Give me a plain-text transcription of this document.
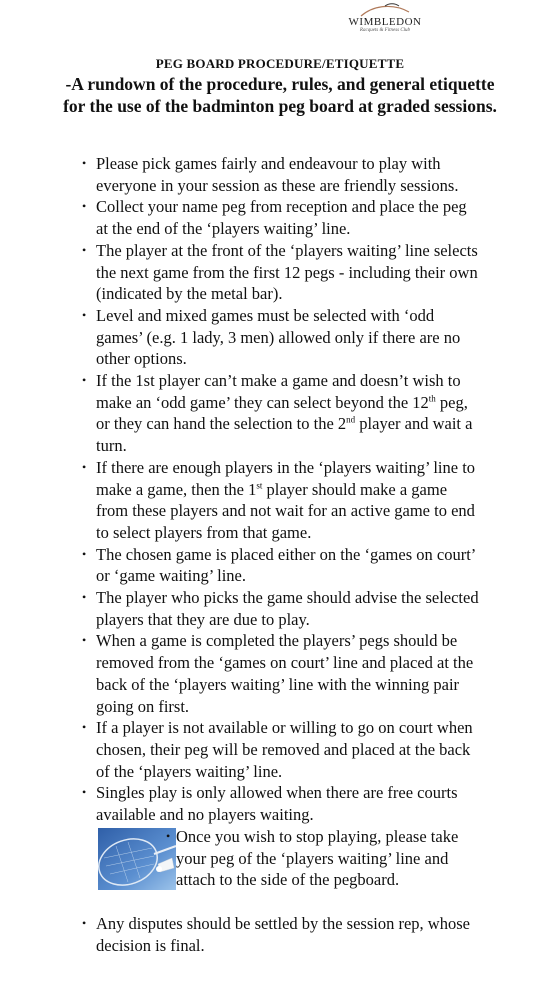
WIMBLEDON
Racquets & Fitness Club
PEG BOARD PROCEDURE/ETIQUETTE
-A rundown of the procedure, rules, and general etiquette for the use of the badminton peg board at graded sessions.

• Please pick games fairly and endeavour to play with everyone in your session as these are friendly sessions.

• Collect your name peg from reception and place the peg at the end of the ‘players waiting’ line.

• The player at the front of the ‘players waiting’ line selects the next game from the first 12 pegs - including their own (indicated by the metal bar).

• Level and mixed games must be selected with ‘odd games’ (e.g. 1 lady, 3 men) allowed only if there are no other options.

• If the 1st player can’t make a game and doesn’t wish to make an ‘odd game’ they can select beyond the 12th peg, or they can hand the selection to the 2nd player and wait a turn.

• If there are enough players in the ‘players waiting’ line to make a game, then the 1st player should make a game from these players and not wait for an active game to end to select players from that game.

• The chosen game is placed either on the ‘games on court’ or ‘game waiting’ line.

• The player who picks the game should advise the selected players that they are due to play.

• When a game is completed the players’ pegs should be removed from the ‘games on court’ line and placed at the back of the ‘players waiting’ line with the winning pair going on first.

• If a player is not available or willing to go on court when chosen, their peg will be removed and placed at the back of the ‘players waiting’ line.

• Singles play is only allowed when there are free courts available and no players waiting.

• Once you wish to stop playing, please take your peg of the ‘players waiting’ line and attach to the side of the pegboard.

• Any disputes should be settled by the session rep, whose decision is final.
